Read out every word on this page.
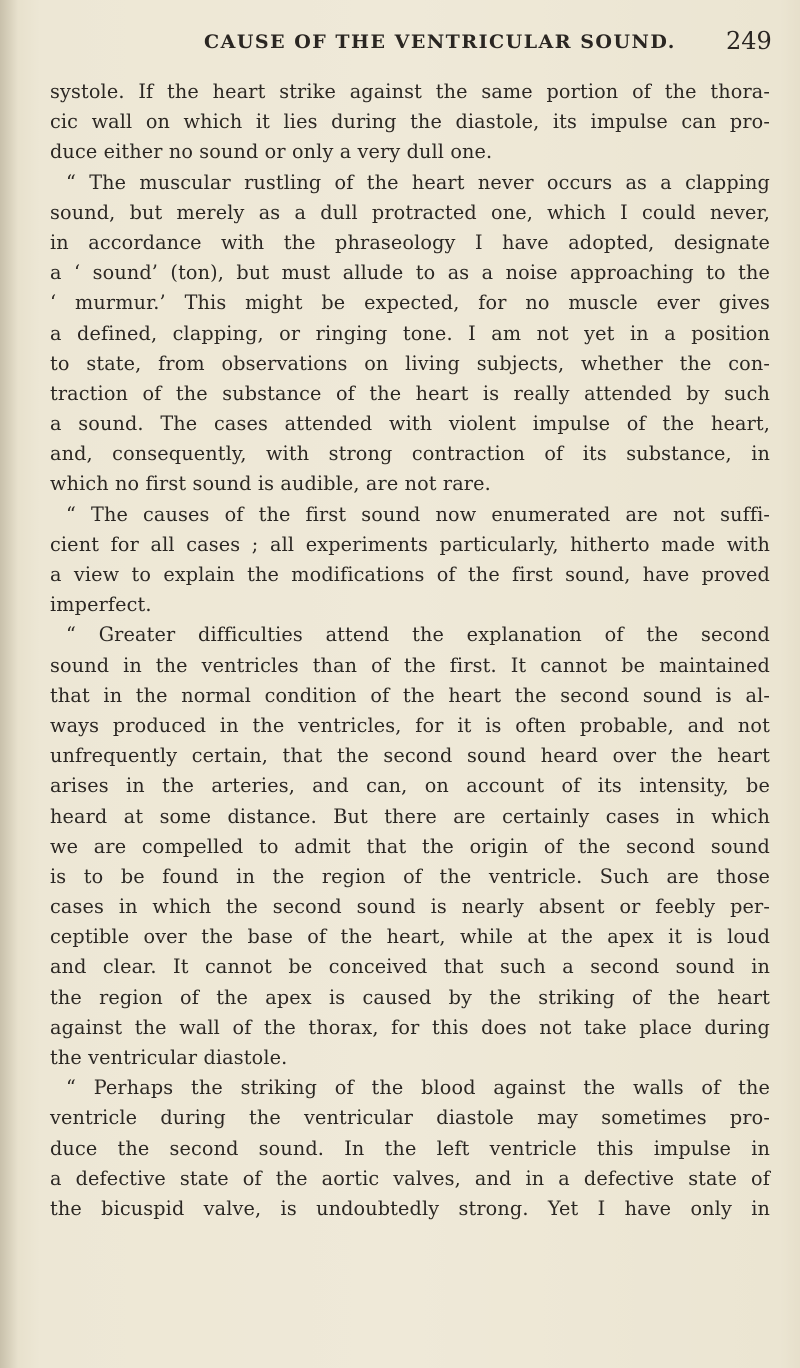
CAUSE OF THE VENTRICULAR SOUND. 249
systole. If the heart strike against the same portion of the thora-
cic wall on which it lies during the diastole, its impulse can pro-
duce either no sound or only a very dull one.
“ The muscular rustling of the heart never occurs as a clapping
sound, but merely as a dull protracted one, which I could never,
in accordance with the phraseology I have adopted, designate
a ‘ sound’ (ton), but must allude to as a noise approaching to the
‘ murmur.’ This might be expected, for no muscle ever gives
a defined, clapping, or ringing tone. I am not yet in a position
to state, from observations on living subjects, whether the con-
traction of the substance of the heart is really attended by such
a sound. The cases attended with violent impulse of the heart,
and, consequently, with strong contraction of its substance, in
which no first sound is audible, are not rare.
“ The causes of the first sound now enumerated are not suffi-
cient for all cases ; all experiments particularly, hitherto made with
a view to explain the modifications of the first sound, have proved
imperfect.
“ Greater difficulties attend the explanation of the second
sound in the ventricles than of the first. It cannot be maintained
that in the normal condition of the heart the second sound is al-
ways produced in the ventricles, for it is often probable, and not
unfrequently certain, that the second sound heard over the heart
arises in the arteries, and can, on account of its intensity, be
heard at some distance. But there are certainly cases in which
we are compelled to admit that the origin of the second sound
is to be found in the region of the ventricle. Such are those
cases in which the second sound is nearly absent or feebly per-
ceptible over the base of the heart, while at the apex it is loud
and clear. It cannot be conceived that such a second sound in
the region of the apex is caused by the striking of the heart
against the wall of the thorax, for this does not take place during
the ventricular diastole.
“ Perhaps the striking of the blood against the walls of the
ventricle during the ventricular diastole may sometimes pro-
duce the second sound. In the left ventricle this impulse in
a defective state of the aortic valves, and in a defective state of
the bicuspid valve, is undoubtedly strong. Yet I have only in
